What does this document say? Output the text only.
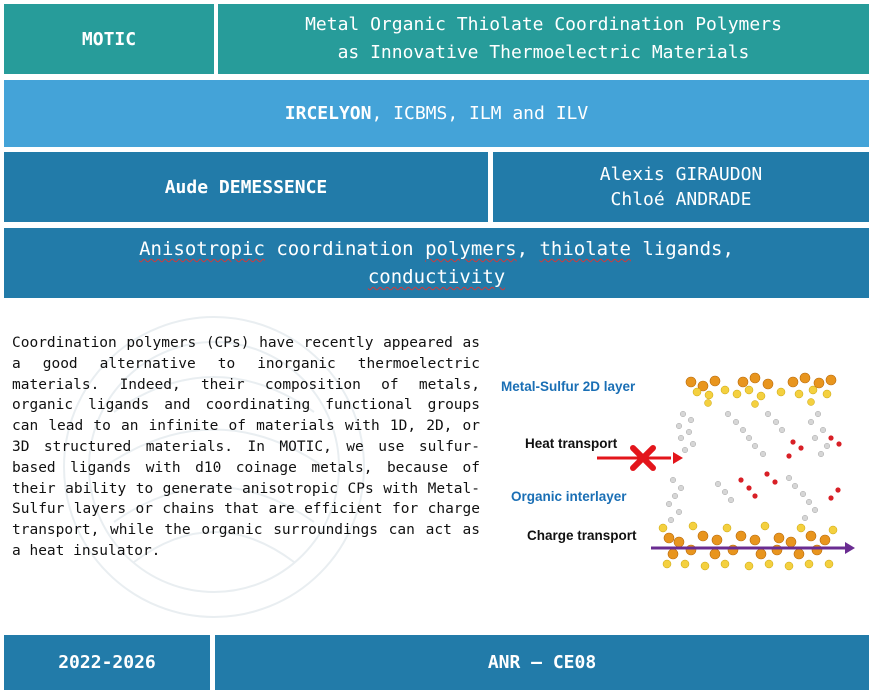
MOTIC
Metal Organic Thiolate Coordination Polymers
as Innovative Thermoelectric Materials
IRCELYON, ICBMS, ILM and ILV
Aude DEMESSENCE
Alexis GIRAUDON
Chloé ANDRADE
Anisotropic coordination polymers, thiolate ligands,
conductivity

Coordination polymers (CPs) have recently appeared as a good alternative to inorganic thermoelectric materials. Indeed, their composition of metals, organic ligands and coordinating functional groups can lead to an infinite of materials with 1D, 2D, or 3D structured materials. In MOTIC, we use sulfur-based ligands with d10 coinage metals, because of their ability to generate anisotropic CPs with Metal-Sulfur layers or chains that are efficient for charge transport, while the organic surroundings can act as a heat insulator.

Metal-Sulfur 2D layer
Heat transport
Organic interlayer
Charge transport
2022-2026	ANR – CE08
